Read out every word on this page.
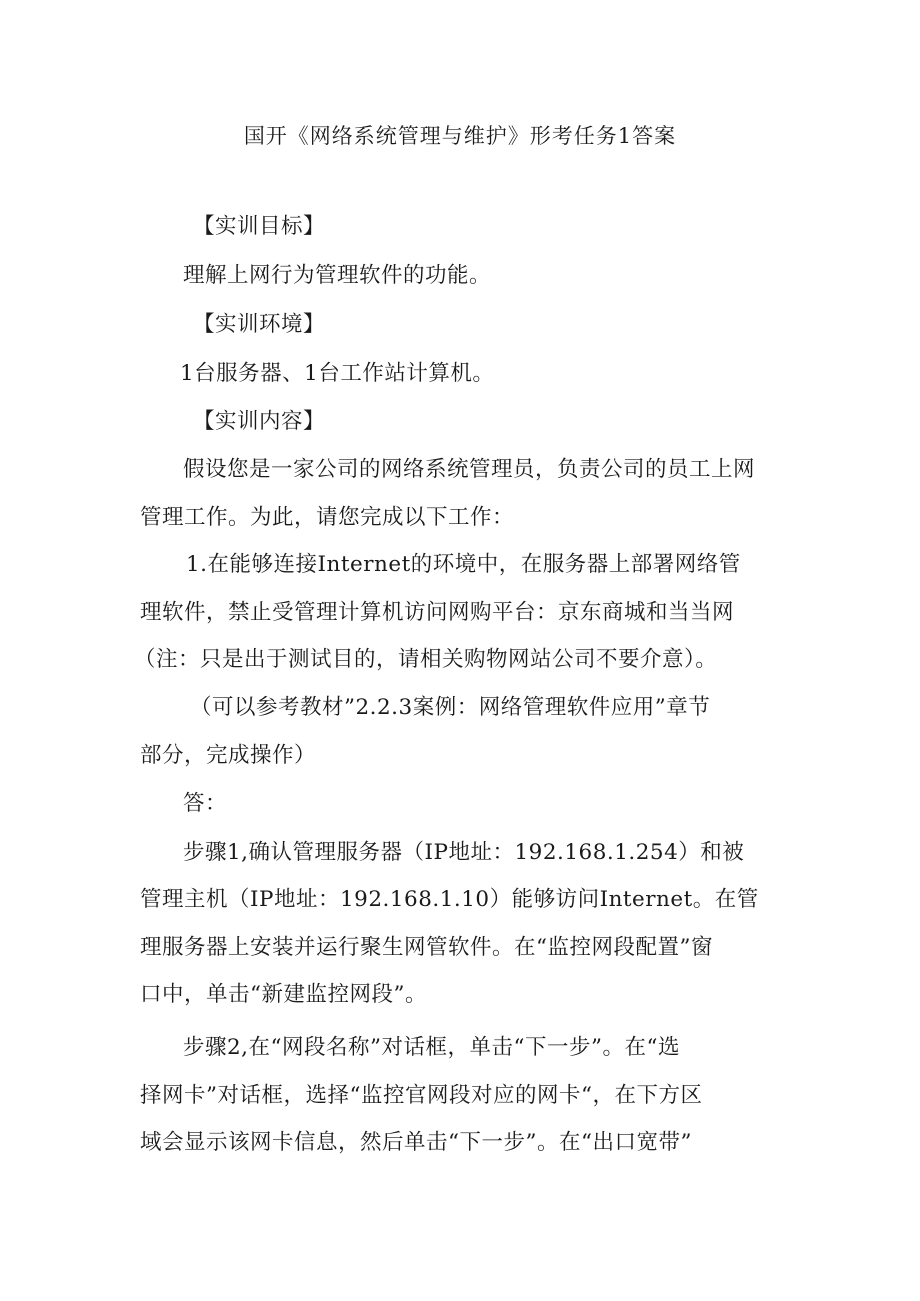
国开《网络系统管理与维护》形考任务1答案
【实训目标】
理解上网行为管理软件的功能。
【实训环境】
1台服务器、1台工作站计算机。
【实训内容】
假设您是一家公司的网络系统管理员，负责公司的员工上网
管理工作。为此，请您完成以下工作：
1.在能够连接Internet的环境中，在服务器上部署网络管
理软件，禁止受管理计算机访问网购平台：京东商城和当当网
（注：只是出于测试目的，请相关购物网站公司不要介意）。
（可以参考教材”2.2.3案例：网络管理软件应用”章节
部分，完成操作）
答：
步骤1,确认管理服务器（IP地址：192.168.1.254）和被
管理主机（IP地址：192.168.1.10）能够访问Internet。在管
理服务器上安装并运行聚生网管软件。在“监控网段配置”窗
口中，单击“新建监控网段”。
步骤2,在“网段名称”对话框，单击“下一步”。在“选
择网卡”对话框，选择“监控官网段对应的网卡“，在下方区
域会显示该网卡信息，然后单击“下一步”。在“出口宽带”
